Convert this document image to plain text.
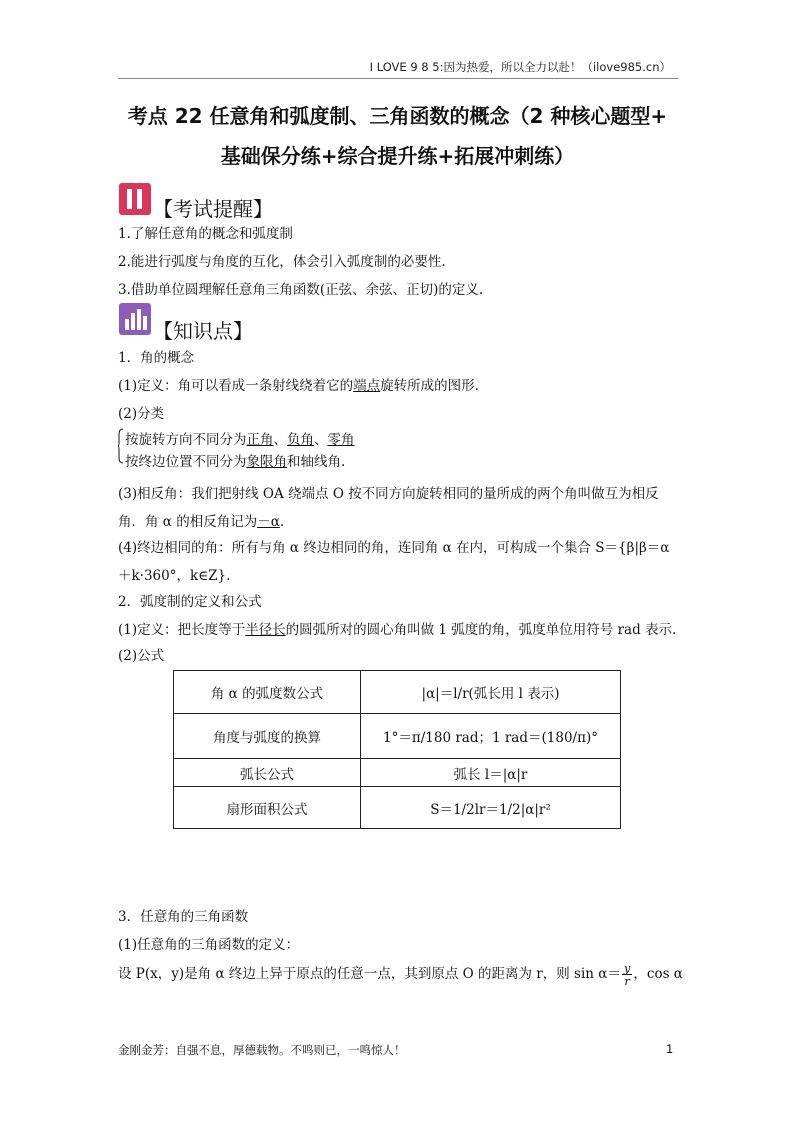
I LOVE 9 8 5:因为热爱，所以全力以赴！（ilove985.cn）
考点 22 任意角和弧度制、三角函数的概念（2 种核心题型+
基础保分练+综合提升练+拓展冲刺练）
【考试提醒】
1.了解任意角的概念和弧度制
2.能进行弧度与角度的互化，体会引入弧度制的必要性.
3.借助单位圆理解任意角三角函数(正弦、余弦、正切)的定义.
【知识点】
1．角的概念
(1)定义：角可以看成一条射线绕着它的端点旋转所成的图形.
(2)分类
按旋转方向不同分为正角、负角、零角
按终边位置不同分为象限角和轴线角.
(3)相反角：我们把射线 OA 绕端点 O 按不同方向旋转相同的量所成的两个角叫做互为相反
角．角 α 的相反角记为－α.
(4)终边相同的角：所有与角 α 终边相同的角，连同角 α 在内，可构成一个集合 S＝{β|β＝α
＋k·360°，k∈Z}.
2．弧度制的定义和公式
(1)定义：把长度等于半径长的圆弧所对的圆心角叫做 1 弧度的角，弧度单位用符号 rad 表示.
(2)公式
角 α 的弧度数公式	|α|＝l/r(弧长用 l 表示)
角度与弧度的换算	1°＝π/180 rad；1 rad＝(180/π)°
弧长公式	弧长 l＝|α|r
扇形面积公式	S＝1/2lr＝1/2|α|r²
3．任意角的三角函数
(1)任意角的三角函数的定义：
设 P(x，y)是角 α 终边上异于原点的任意一点，其到原点 O 的距离为 r，则 $\sin \alpha= \frac{y}{r}$ ，cos α
金刚金芳：自强不息，厚德载物。不鸣则已，一鸣惊人！	1
